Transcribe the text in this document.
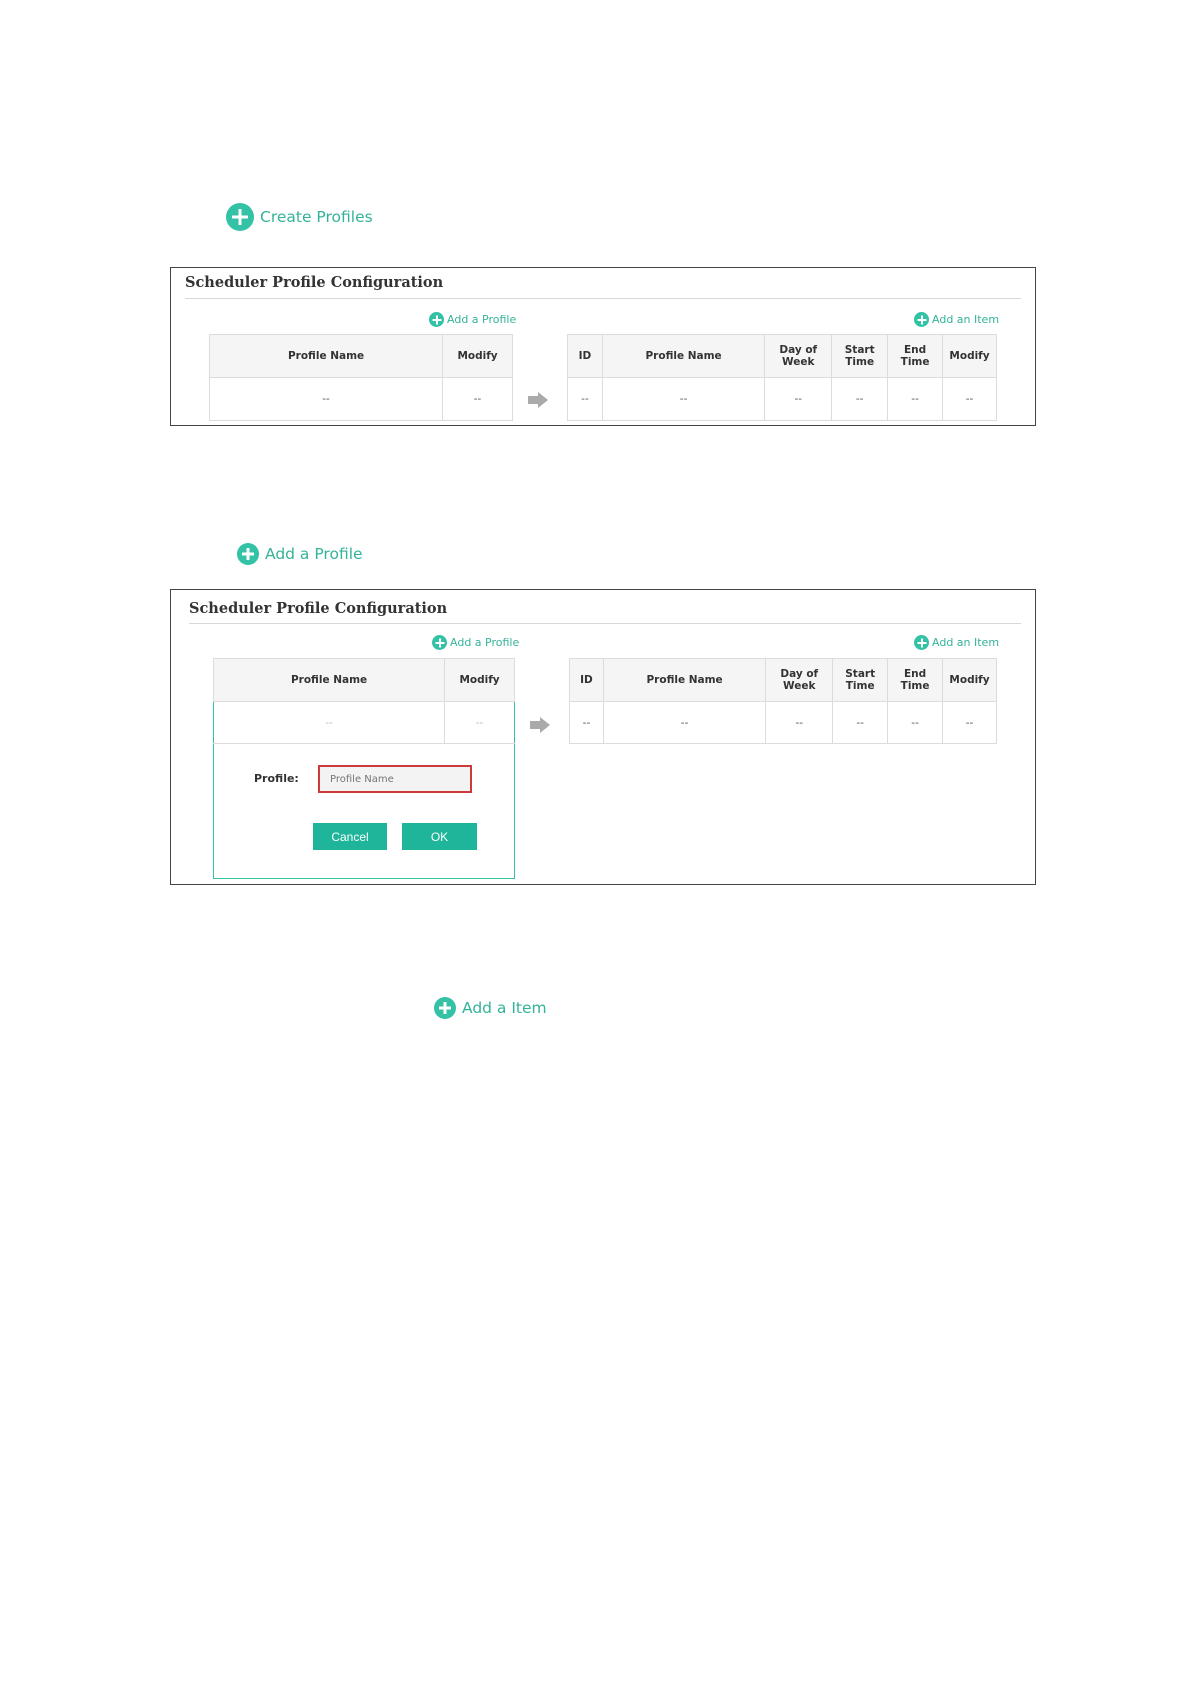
Create Profiles
Scheduler Profile Configuration
Add a Profile	Add an Item
Profile Name	Modify
--	--
ID	Profile Name	Day of Week	Start Time	End Time	Modify
--	--	--	--	--	--
Add a Profile
Scheduler Profile Configuration
Add a Profile	Add an Item
Profile:
Profile Name
Cancel	OK
Profile Name	Modify
--	--
ID	Profile Name	Day of Week	Start Time	End Time	Modify
--	--	--	--	--	--
Add a Item
